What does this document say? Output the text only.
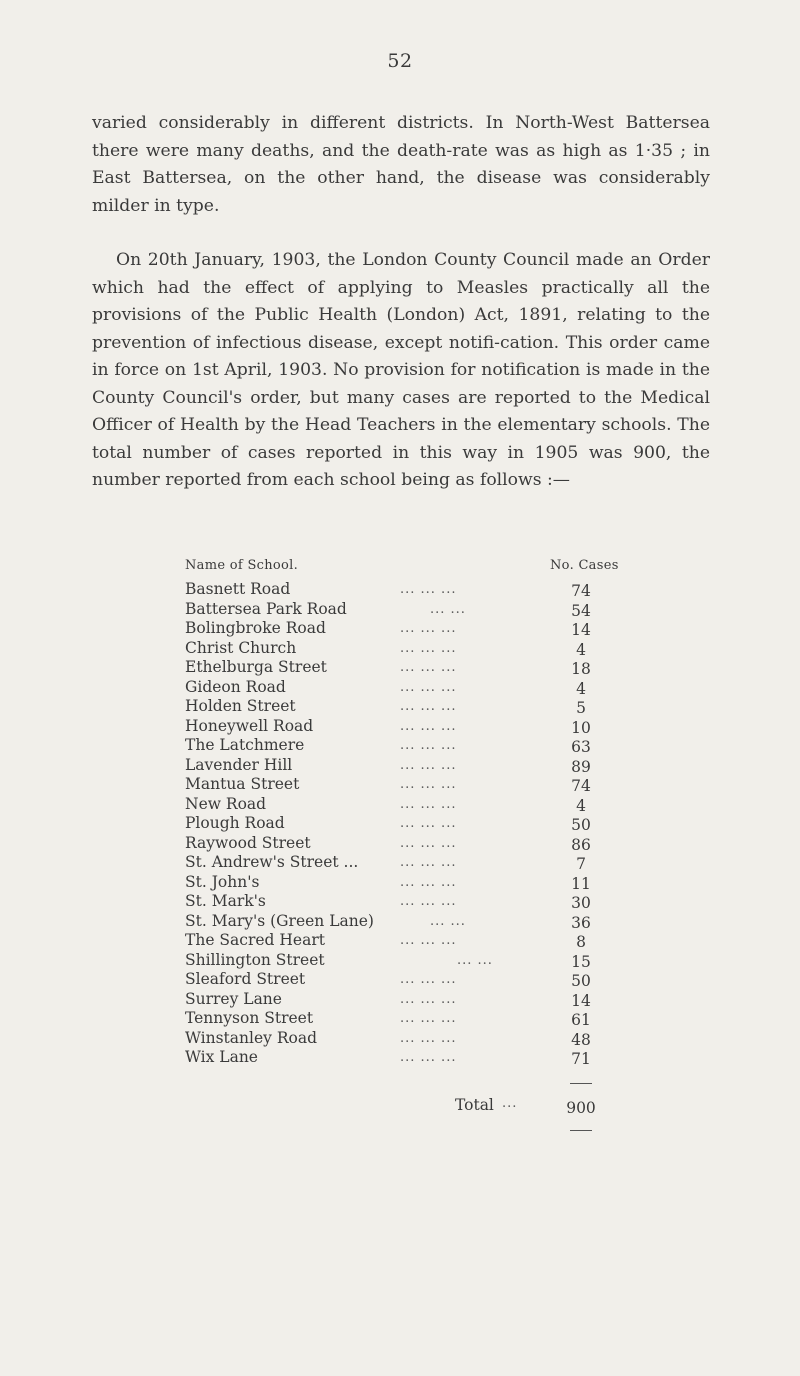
52

varied considerably in different districts. In North-West Battersea there were many deaths, and the death-rate was as high as 1·35 ; in East Battersea, on the other hand, the disease was considerably milder in type.

On 20th January, 1903, the London County Council made an Order which had the effect of applying to Measles practically all the provisions of the Public Health (London) Act, 1891, relating to the prevention of infectious disease, except notifi-cation. This order came in force on 1st April, 1903. No provision for notification is made in the County Council's order, but many cases are reported to the Medical Officer of Health by the Head Teachers in the elementary schools. The total number of cases reported in this way in 1905 was 900, the number reported from each school being as follows :—

Name of School.	No. Cases
Basnett Road	... ... ...	74
Battersea Park Road	... ...	54
Bolingbroke Road	... ... ...	14
Christ Church	... ... ...	4
Ethelburga Street	... ... ...	18
Gideon Road	... ... ...	4
Holden Street	... ... ...	5
Honeywell Road	... ... ...	10
The Latchmere	... ... ...	63
Lavender Hill	... ... ...	89
Mantua Street	... ... ...	74
New Road	... ... ...	4
Plough Road	... ... ...	50
Raywood Street	... ... ...	86
St. Andrew's Street ...	... ... ...	7
St. John's	... ... ...	11
St. Mark's	... ... ...	30
St. Mary's (Green Lane)	... ...	36
The Sacred Heart	... ... ...	8
Shillington Street	... ...	15
Sleaford Street	... ... ...	50
Surrey Lane	... ... ...	14
Tennyson Street	... ... ...	61
Winstanley Road	... ... ...	48
Wix Lane	... ... ...	71
Total ...	900
